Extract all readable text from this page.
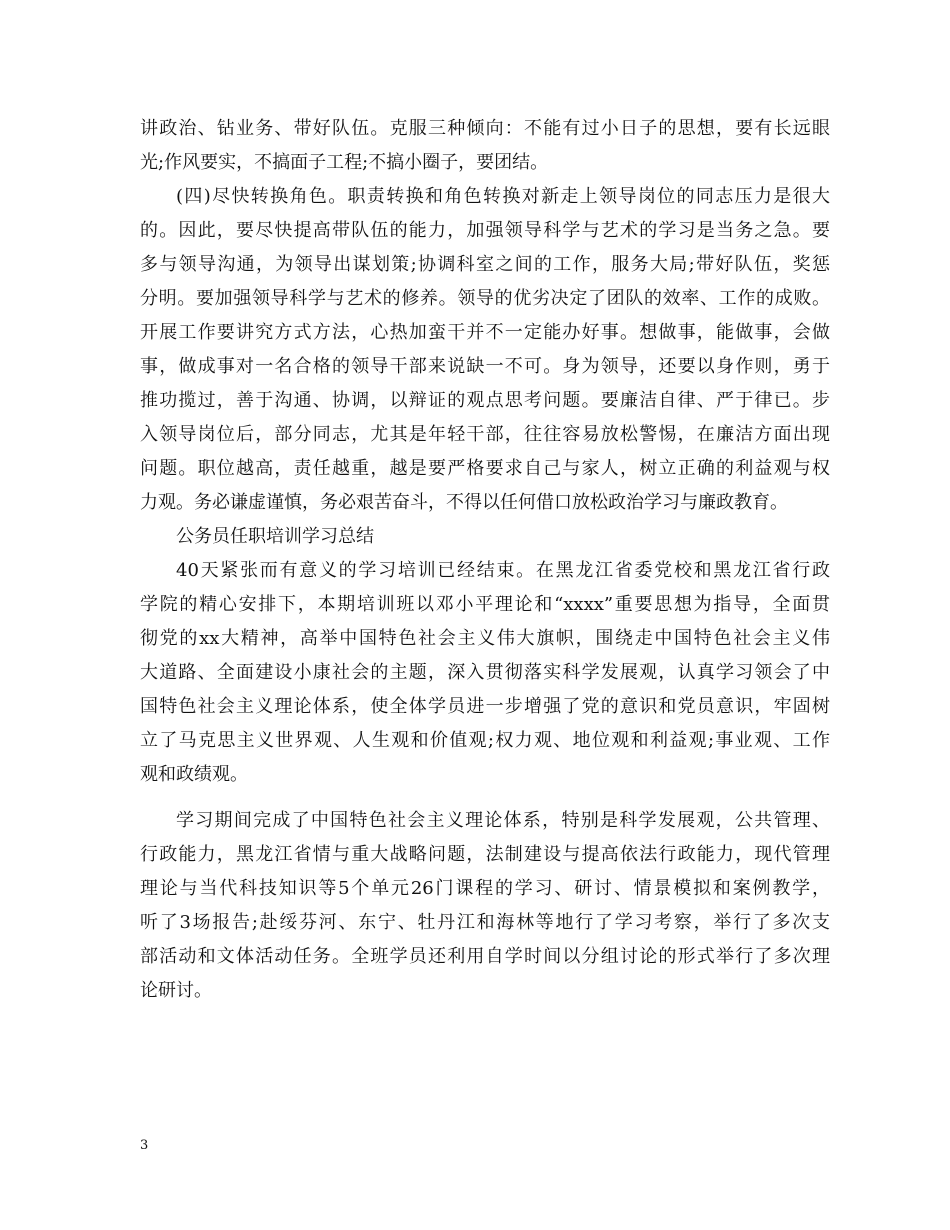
讲政治、钻业务、带好队伍。克服三种倾向：不能有过小日子的思想，要有长远眼
光;作风要实，不搞面子工程;不搞小圈子，要团结。
(四)尽快转换角色。职责转换和角色转换对新走上领导岗位的同志压力是很大
的。因此，要尽快提高带队伍的能力，加强领导科学与艺术的学习是当务之急。要
多与领导沟通，为领导出谋划策;协调科室之间的工作，服务大局;带好队伍，奖惩
分明。要加强领导科学与艺术的修养。领导的优劣决定了团队的效率、工作的成败。
开展工作要讲究方式方法，心热加蛮干并不一定能办好事。想做事，能做事，会做
事，做成事对一名合格的领导干部来说缺一不可。身为领导，还要以身作则，勇于
推功揽过，善于沟通、协调，以辩证的观点思考问题。要廉洁自律、严于律已。步
入领导岗位后，部分同志，尤其是年轻干部，往往容易放松警惕，在廉洁方面出现
问题。职位越高，责任越重，越是要严格要求自己与家人，树立正确的利益观与权
力观。务必谦虚谨慎，务必艰苦奋斗，不得以任何借口放松政治学习与廉政教育。
公务员任职培训学习总结
40天紧张而有意义的学习培训已经结束。在黑龙江省委党校和黑龙江省行政
学院的精心安排下，本期培训班以邓小平理论和“xxxx”重要思想为指导，全面贯
彻党的xx大精神，高举中国特色社会主义伟大旗帜，围绕走中国特色社会主义伟
大道路、全面建设小康社会的主题，深入贯彻落实科学发展观，认真学习领会了中
国特色社会主义理论体系，使全体学员进一步增强了党的意识和党员意识，牢固树
立了马克思主义世界观、人生观和价值观;权力观、地位观和利益观;事业观、工作
观和政绩观。
学习期间完成了中国特色社会主义理论体系，特别是科学发展观，公共管理、
行政能力，黑龙江省情与重大战略问题，法制建设与提高依法行政能力，现代管理
理论与当代科技知识等5个单元26门课程的学习、研讨、情景模拟和案例教学，
听了3场报告;赴绥芬河、东宁、牡丹江和海林等地行了学习考察，举行了多次支
部活动和文体活动任务。全班学员还利用自学时间以分组讨论的形式举行了多次理
论研讨。
3
